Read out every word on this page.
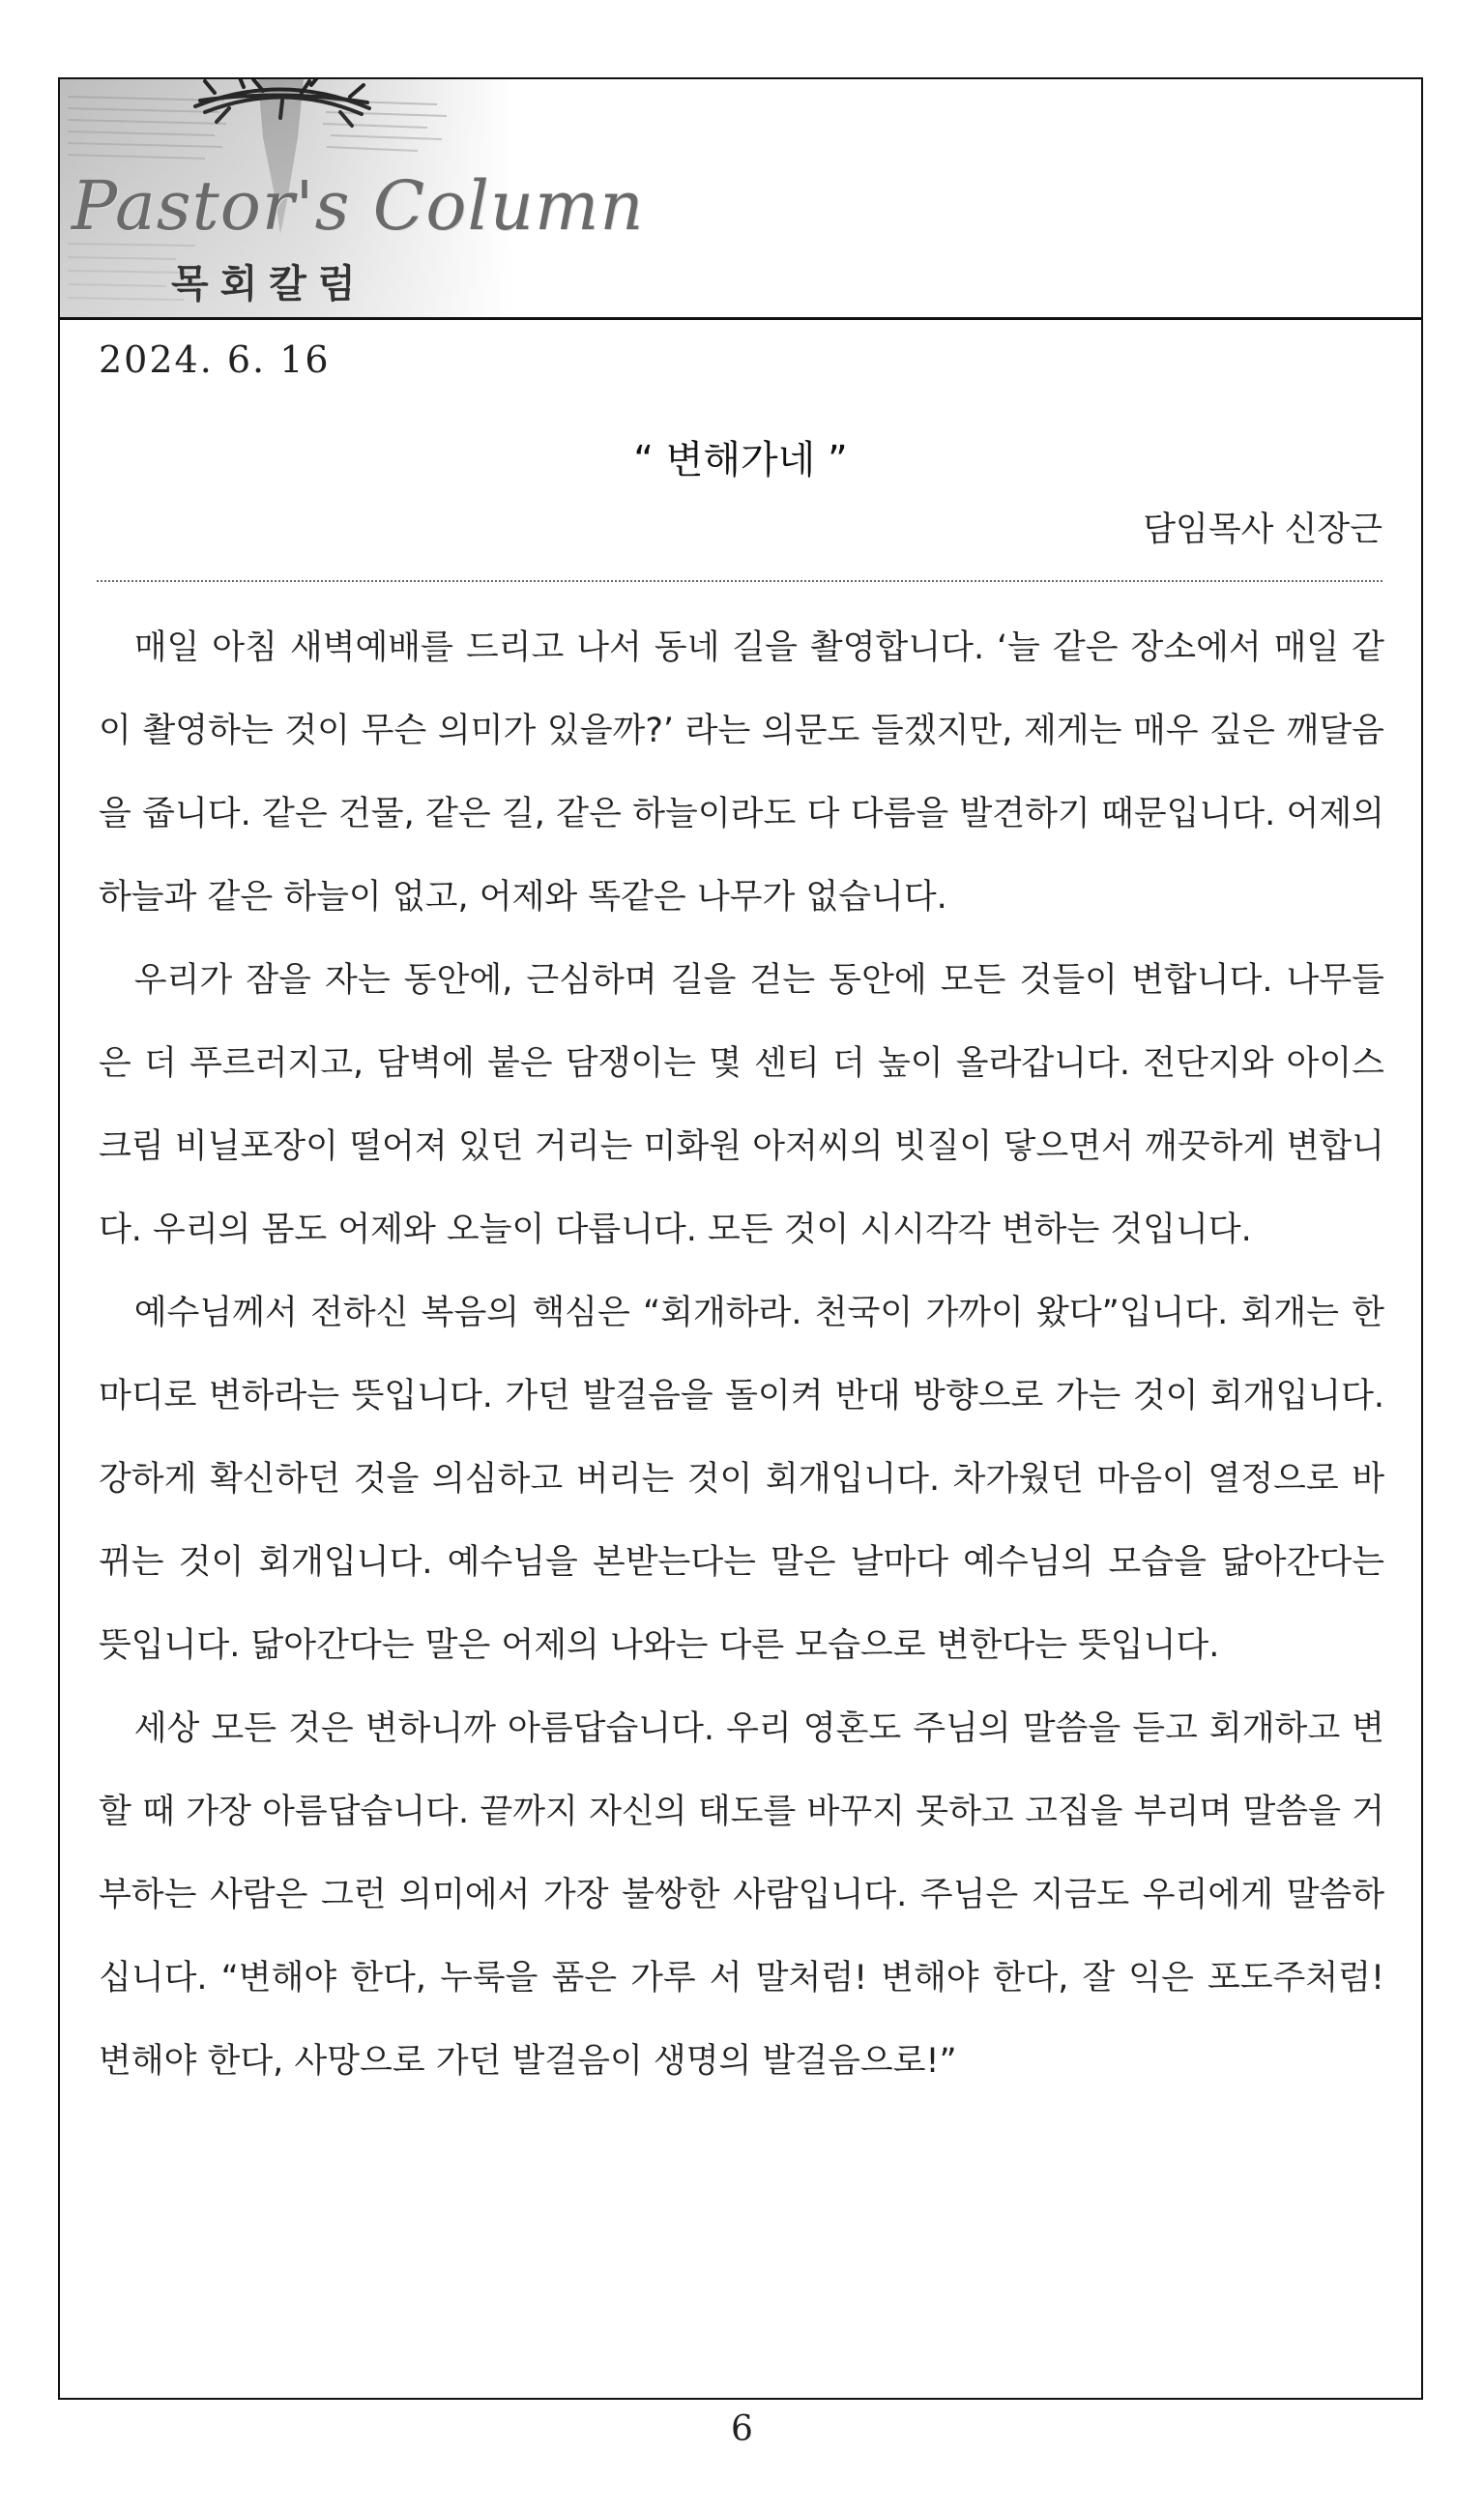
Pastor's Column
목회칼럼
2024. 6. 16
“ 변해가네 ”
담임목사 신장근

매일 아침 새벽예배를 드리고 나서 동네 길을 촬영합니다. ‘늘 같은 장소에서 매일 같이 촬영하는 것이 무슨 의미가 있을까?’ 라는 의문도 들겠지만, 제게는 매우 깊은 깨달음을 줍니다. 같은 건물, 같은 길, 같은 하늘이라도 다 다름을 발견하기 때문입니다. 어제의 하늘과 같은 하늘이 없고, 어제와 똑같은 나무가 없습니다.

우리가 잠을 자는 동안에, 근심하며 길을 걷는 동안에 모든 것들이 변합니다. 나무들은 더 푸르러지고, 담벽에 붙은 담쟁이는 몇 센티 더 높이 올라갑니다. 전단지와 아이스크림 비닐포장이 떨어져 있던 거리는 미화원 아저씨의 빗질이 닿으면서 깨끗하게 변합니다. 우리의 몸도 어제와 오늘이 다릅니다. 모든 것이 시시각각 변하는 것입니다.

예수님께서 전하신 복음의 핵심은 “회개하라. 천국이 가까이 왔다”입니다. 회개는 한마디로 변하라는 뜻입니다. 가던 발걸음을 돌이켜 반대 방향으로 가는 것이 회개입니다. 강하게 확신하던 것을 의심하고 버리는 것이 회개입니다. 차가웠던 마음이 열정으로 바뀌는 것이 회개입니다. 예수님을 본받는다는 말은 날마다 예수님의 모습을 닮아간다는 뜻입니다. 닮아간다는 말은 어제의 나와는 다른 모습으로 변한다는 뜻입니다.

세상 모든 것은 변하니까 아름답습니다. 우리 영혼도 주님의 말씀을 듣고 회개하고 변할 때 가장 아름답습니다. 끝까지 자신의 태도를 바꾸지 못하고 고집을 부리며 말씀을 거부하는 사람은 그런 의미에서 가장 불쌍한 사람입니다. 주님은 지금도 우리에게 말씀하십니다. “변해야 한다, 누룩을 품은 가루 서 말처럼! 변해야 한다, 잘 익은 포도주처럼! 변해야 한다, 사망으로 가던 발걸음이 생명의 발걸음으로!”

6
